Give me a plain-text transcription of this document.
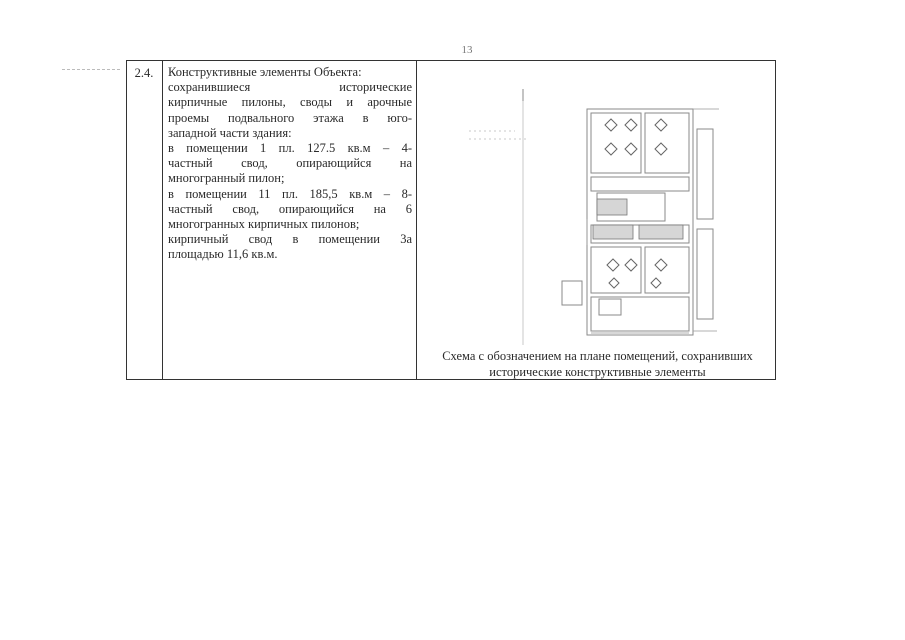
13
2.4.	Конструктивные элементы Объекта:
сохранившиеся исторические
кирпичные пилоны, своды и арочные
проемы подвального этажа в юго-
западной части здания:
в помещении 1 пл. 127.5 кв.м – 4-
частный свод, опирающийся на
многогранный пилон;
в помещении 11 пл. 185,5 кв.м – 8-
частный свод, опирающийся на 6
многогранных кирпичных пилонов;
кирпичный свод в помещении 3а
площадью 11,6 кв.м.
Схема с обозначением на плане помещений, сохранивших
исторические конструктивные элементы
